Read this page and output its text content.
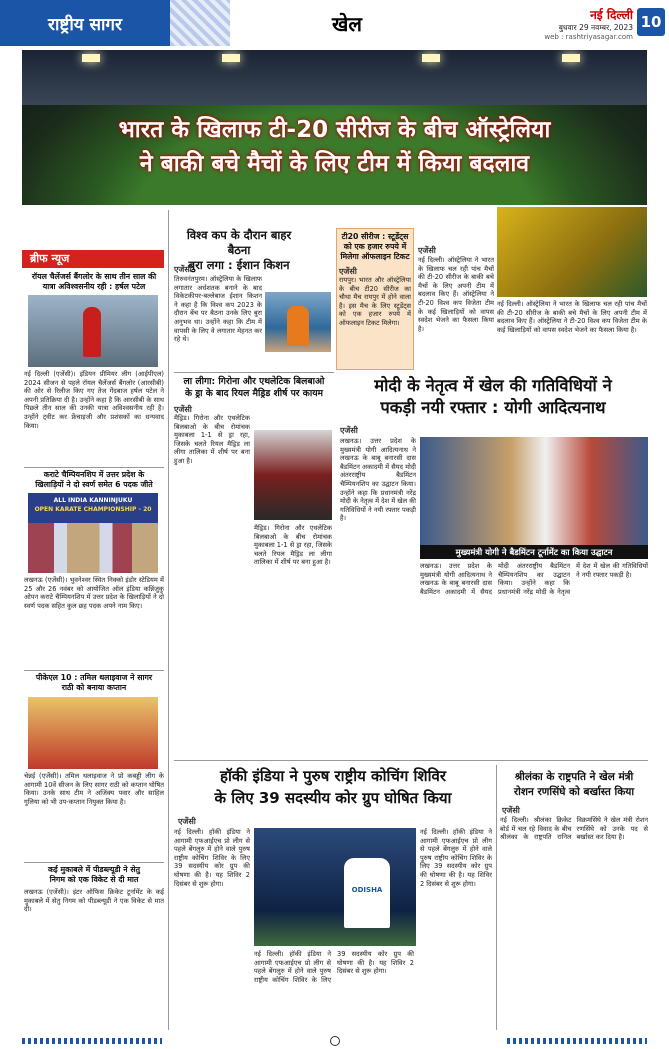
राष्ट्रीय सागर	खेल	नई दिल्ली
बुधवार 29 नवम्बर, 2023
web : rashtriyasagar.com
10
भारत के खिलाफ टी-20 सीरीज के बीच ऑस्ट्रेलिया
ने बाकी बचे मैचों के लिए टीम में किया बदलाव
ब्रीफ न्यूज
रॉयल चैलेंजर्स बैंगलोर के साथ तीन साल की
यात्रा अविश्वसनीय रही : हर्षल पटेल
नई दिल्ली (एजेंसी)। इंडियन प्रीमियर लीग (आईपीएल) 2024 सीजन से पहले रॉयल चैलेंजर्स बैंगलोर (आरसीबी) की ओर से रिलीज किए गए तेज गेंदबाज हर्षल पटेल ने अपनी प्रतिक्रिया दी है। उन्होंने कहा है कि आरसीबी के साथ पिछले तीन साल की उनकी यात्रा अविश्वसनीय रही है। उन्होंने ट्वीट कर फ्रेंचाइजी और प्रशंसकों का धन्यवाद किया।
कराटे चैम्पियनशिप में उत्तर प्रदेश के
खिलाड़ियों ने दो स्वर्ण समेत 6 पदक जीते
ALL INDIA KANNINJUKU
OPEN KARATE CHAMPIONSHIP - 20
लखनऊ (एजेंसी)। भुवनेश्वर स्थित निक्को इंडोर स्टेडियम में 25 और 26 नवंबर को आयोजित ऑल इंडिया कन्निंजुकु ओपन कराटे चैम्पियनशिप में उत्तर प्रदेश के खिलाड़ियों ने दो स्वर्ण पदक सहित कुल छह पदक अपने नाम किए।
पीकेएल 10 : तमिल थलाइवाज ने सागर
राठी को बनाया कप्तान
चेन्नई (एजेंसी)। तमिल थलाइवाज ने प्रो कबड्डी लीग के आगामी 10वें सीजन के लिए सागर राठी को कप्तान घोषित किया। उनके साथ टीम ने अजिंक्य पवार और साहिल गुलिया को भी उप-कप्तान नियुक्त किया है।
कई मुकाबले में पीडब्ल्यूडी ने सेतु
निगम को एक विकेट से दी मात
लखनऊ (एजेंसी)। इंटर ऑफिस क्रिकेट टूर्नामेंट के कई मुकाबले में सेतु निगम को पीडब्ल्यूडी ने एक विकेट से मात दी।
विश्व कप के दौरान बाहर बैठना
बुरा लगा : ईशान किशन
एजेंसी
तिरुवनंतपुरम। ऑस्ट्रेलिया के खिलाफ लगातार अर्धशतक बनाने के बाद विकेटकीपर-बल्लेबाज ईशान किशन ने कहा है कि विश्व कप 2023 के दौरान बेंच पर बैठना उनके लिए बुरा अनुभव था। उन्होंने कहा कि टीम में वापसी के लिए वे लगातार मेहनत कर रहे थे।
टी20 सीरीज : स्टूडेंट्स
को एक हजार रुपये में
मिलेगा ऑफलाइन टिकट
एजेंसी
रायपुर। भारत और ऑस्ट्रेलिया के बीच टी20 सीरीज का चौथा मैच रायपुर में होने वाला है। इस मैच के लिए स्टूडेंट्स को एक हजार रुपये में ऑफलाइन टिकट मिलेगा।
एजेंसी
नई दिल्ली। ऑस्ट्रेलिया ने भारत के खिलाफ चल रही पांच मैचों की टी-20 सीरीज के बाकी बचे मैचों के लिए अपनी टीम में बदलाव किए हैं। ऑस्ट्रेलिया ने टी-20 विश्व कप विजेता टीम के कई खिलाड़ियों को वापस स्वदेश भेजने का फैसला किया है।
नई दिल्ली। ऑस्ट्रेलिया ने भारत के खिलाफ चल रही पांच मैचों की टी-20 सीरीज के बाकी बचे मैचों के लिए अपनी टीम में बदलाव किए हैं। ऑस्ट्रेलिया ने टी-20 विश्व कप विजेता टीम के कई खिलाड़ियों को वापस स्वदेश भेजने का फैसला किया है।
ला लीगा: गिरोना और एथलेटिक बिलबाओ
के ड्रा के बाद रियल मैड्रिड शीर्ष पर कायम
एजेंसी
मैड्रिड। गिरोना और एथलेटिक बिलबाओ के बीच रोमांचक मुकाबला 1-1 से ड्रा रहा, जिसके चलते रियल मैड्रिड ला लीगा तालिका में शीर्ष पर बना हुआ है।
मैड्रिड। गिरोना और एथलेटिक बिलबाओ के बीच रोमांचक मुकाबला 1-1 से ड्रा रहा, जिसके चलते रियल मैड्रिड ला लीगा तालिका में शीर्ष पर बना हुआ है।
मोदी के नेतृत्व में खेल की गतिविधियों ने
पकड़ी नयी रफ्तार : योगी आदित्यनाथ
एजेंसी
लखनऊ। उत्तर प्रदेश के मुख्यमंत्री योगी आदित्यनाथ ने लखनऊ के बाबू बनारसी दास बैडमिंटन अकादमी में सैयद मोदी अंतरराष्ट्रीय बैडमिंटन चैम्पियनशिप का उद्घाटन किया। उन्होंने कहा कि प्रधानमंत्री नरेंद्र मोदी के नेतृत्व में देश में खेल की गतिविधियों ने नयी रफ्तार पकड़ी है।
मुख्यमंत्री योगी ने बैडमिंटन टूर्नामेंट का किया उद्घाटन
लखनऊ। उत्तर प्रदेश के मुख्यमंत्री योगी आदित्यनाथ ने लखनऊ के बाबू बनारसी दास बैडमिंटन अकादमी में सैयद मोदी अंतरराष्ट्रीय बैडमिंटन चैम्पियनशिप का उद्घाटन किया। उन्होंने कहा कि प्रधानमंत्री नरेंद्र मोदी के नेतृत्व में देश में खेल की गतिविधियों ने नयी रफ्तार पकड़ी है।
हॉकी इंडिया ने पुरुष राष्ट्रीय कोचिंग शिविर
के लिए 39 सदस्यीय कोर ग्रुप घोषित किया
एजेंसी
नई दिल्ली। हॉकी इंडिया ने आगामी एफआईएच प्रो लीग से पहले बेंगलुरु में होने वाले पुरुष राष्ट्रीय कोचिंग शिविर के लिए 39 सदस्यीय कोर ग्रुप की घोषणा की है। यह शिविर 2 दिसंबर से शुरू होगा।
ODISHA
नई दिल्ली। हॉकी इंडिया ने आगामी एफआईएच प्रो लीग से पहले बेंगलुरु में होने वाले पुरुष राष्ट्रीय कोचिंग शिविर के लिए 39 सदस्यीय कोर ग्रुप की घोषणा की है। यह शिविर 2 दिसंबर से शुरू होगा।
नई दिल्ली। हॉकी इंडिया ने आगामी एफआईएच प्रो लीग से पहले बेंगलुरु में होने वाले पुरुष राष्ट्रीय कोचिंग शिविर के लिए 39 सदस्यीय कोर ग्रुप की घोषणा की है। यह शिविर 2 दिसंबर से शुरू होगा।
श्रीलंका के राष्ट्रपति ने खेल मंत्री
रोशन रणसिंघे को बर्खास्त किया
एजेंसी
नई दिल्ली। श्रीलंका क्रिकेट बोर्ड में चल रहे विवाद के बीच श्रीलंका के राष्ट्रपति रानिल विक्रमसिंघे ने खेल मंत्री रोशन रणसिंघे को उनके पद से बर्खास्त कर दिया है।
